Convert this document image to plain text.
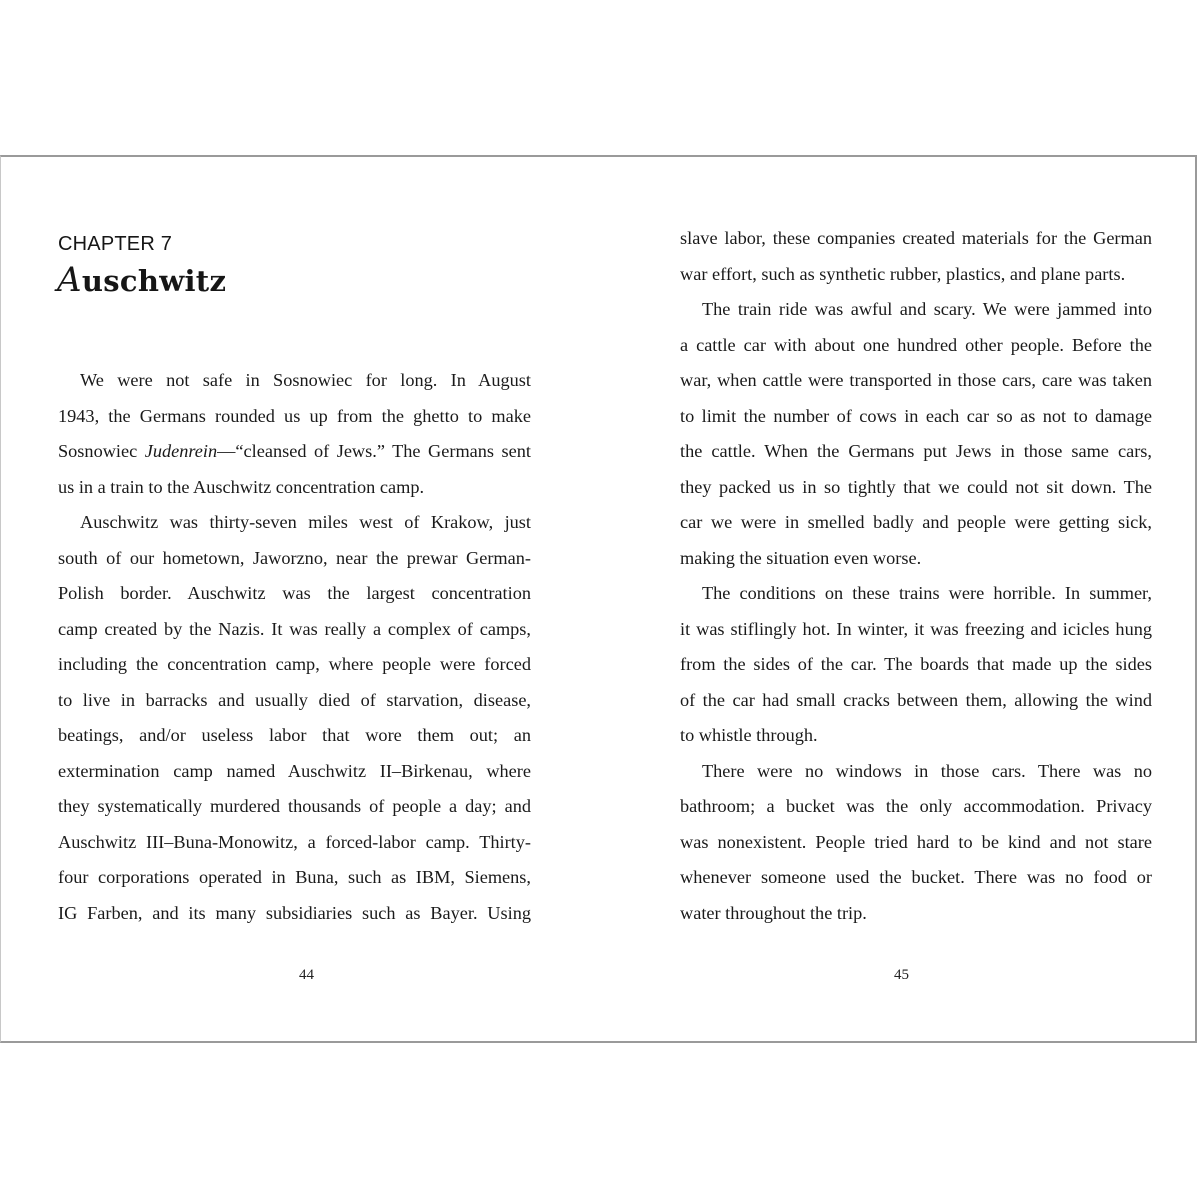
CHAPTER 7
Auschwitz
We were not safe in Sosnowiec for long. In August
1943, the Germans rounded us up from the ghetto to make
Sosnowiec Judenrein—“cleansed of Jews.” The Germans sent
us in a train to the Auschwitz concentration camp.
Auschwitz was thirty-seven miles west of Krakow, just
south of our hometown, Jaworzno, near the prewar German-
Polish border. Auschwitz was the largest concentration
camp created by the Nazis. It was really a complex of camps,
including the concentration camp, where people were forced
to live in barracks and usually died of starvation, disease,
beatings, and/or useless labor that wore them out; an
extermination camp named Auschwitz II–Birkenau, where
they systematically murdered thousands of people a day; and
Auschwitz III–Buna-Monowitz, a forced-labor camp. Thirty-
four corporations operated in Buna, such as IBM, Siemens,
IG Farben, and its many subsidiaries such as Bayer. Using
44
slave labor, these companies created materials for the German
war effort, such as synthetic rubber, plastics, and plane parts.
The train ride was awful and scary. We were jammed into
a cattle car with about one hundred other people. Before the
war, when cattle were transported in those cars, care was taken
to limit the number of cows in each car so as not to damage
the cattle. When the Germans put Jews in those same cars,
they packed us in so tightly that we could not sit down. The
car we were in smelled badly and people were getting sick,
making the situation even worse.
The conditions on these trains were horrible. In summer,
it was stiflingly hot. In winter, it was freezing and icicles hung
from the sides of the car. The boards that made up the sides
of the car had small cracks between them, allowing the wind
to whistle through.
There were no windows in those cars. There was no
bathroom; a bucket was the only accommodation. Privacy
was nonexistent. People tried hard to be kind and not stare
whenever someone used the bucket. There was no food or
water throughout the trip.
45
